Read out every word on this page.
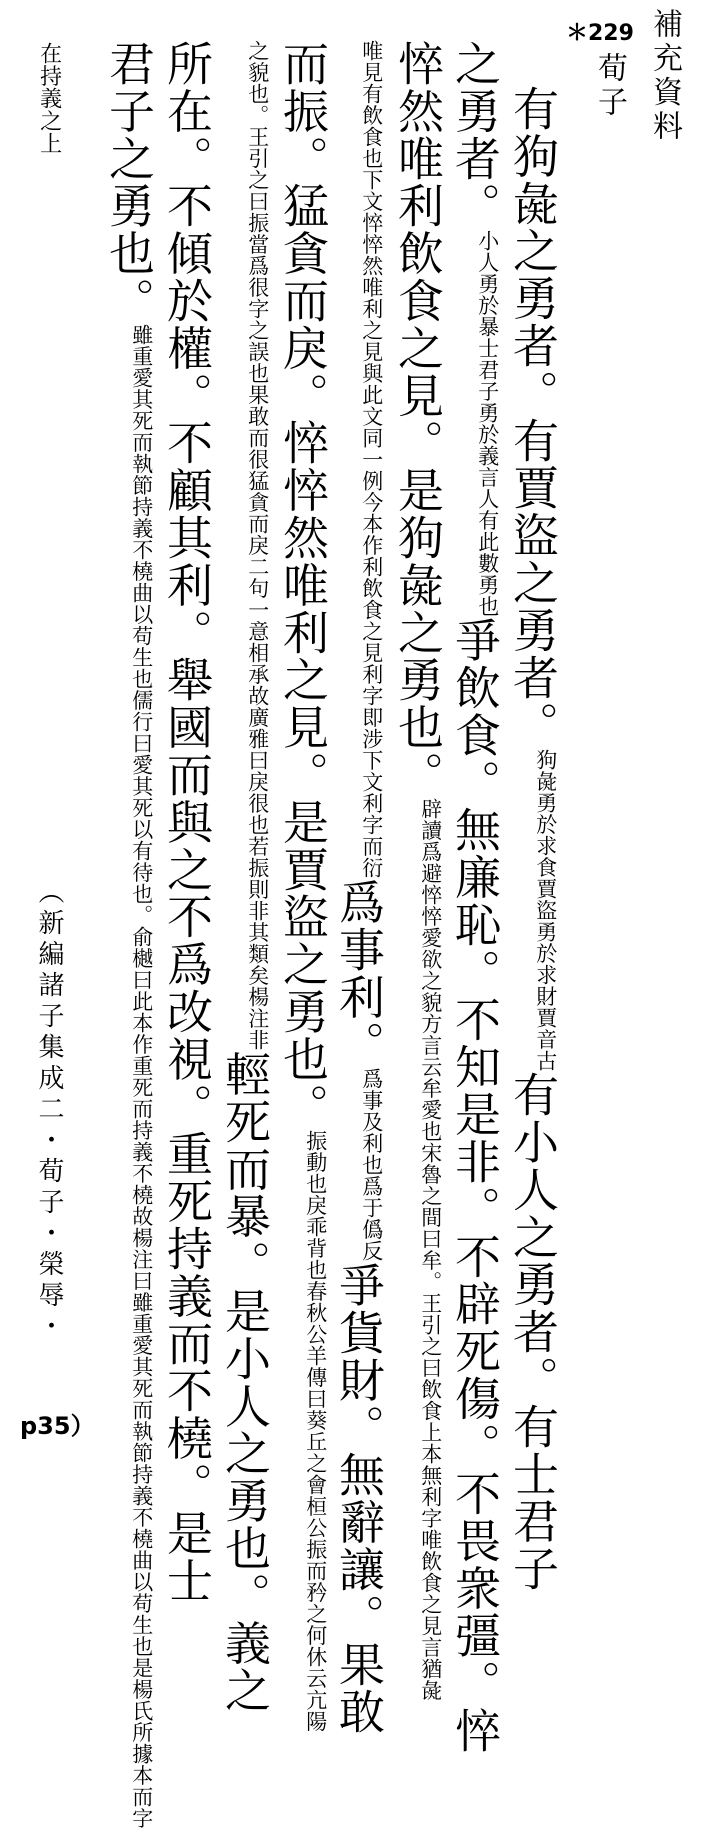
＊229 補充資料
荀子
有狗彘之勇者。有賈盜之勇者。狗彘勇於求食賈盜勇於求財賈音古有小人之勇者。有士君子
之勇者。小人勇於暴士君子勇於義言人有此數勇也爭飲食。無廉恥。不知是非。不辟死傷。不畏衆彊。悴
悴然唯利飲食之見。是狗彘之勇也。辟讀爲避悴悴愛欲之貌方言云牟愛也宋魯之間曰牟。王引之曰飲食上本無利字唯飲食之見言猶彘
唯見有飲食也下文悴悴然唯利之見與此文同一例今本作利飲食之見利字即涉下文利字而衍爲事利。爲事及利也爲于僞反爭貨財。無辭讓。果敢
而振。猛貪而戾。悴悴然唯利之見。是賈盜之勇也。振動也戾乖背也春秋公羊傳曰葵丘之會桓公振而矜之何休云亢陽
之貌也。王引之曰振當爲很字之誤也果敢而很猛貪而戾二句一意相承故廣雅曰戾很也若振則非其類矣楊注非輕死而暴。是小人之勇也。義之
所在。不傾於權。不顧其利。舉國而與之不爲改視。重死持義而不橈。是士
君子之勇也。雖重愛其死而執節持義不橈曲以苟生也儒行曰愛其死以有待也。俞樾曰此本作重死而持義不橈故楊注曰雖重愛其死而執節持義不橈曲以苟生也是楊氏所據本而字
在持義之上
（新編諸子集成二・荀子・榮辱・
p35）
